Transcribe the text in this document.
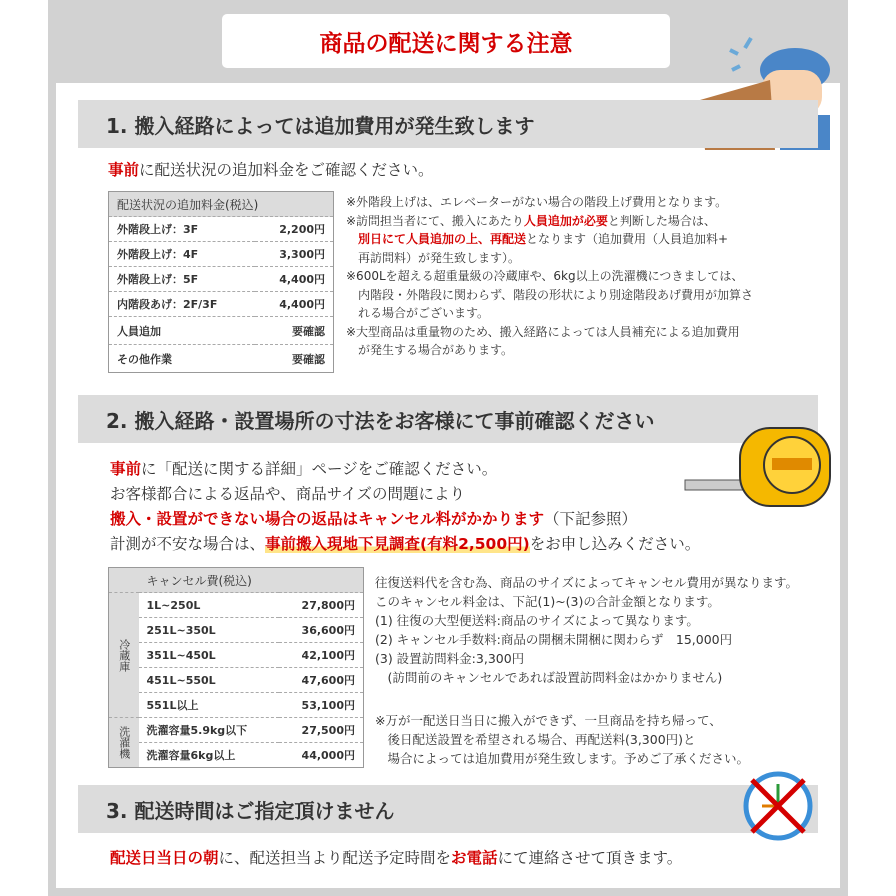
商品の配送に関する注意
1. 搬入経路によっては追加費用が発生致します
事前に配送状況の追加料金をご確認ください。
配送状況の追加料金(税込)	
外階段上げ：3F	2,200円
外階段上げ：4F	3,300円
外階段上げ：5F	4,400円
内階段あげ：2F/3F	4,400円
人員追加	要確認
その他作業	要確認
※外階段上げは、エレベーターがない場合の階段上げ費用となります。
※訪問担当者にて、搬入にあたり人員追加が必要と判断した場合は、
別日にて人員追加の上、再配送となります（追加費用（人員追加料+
再訪問料）が発生致します）。
※600Lを超える超重量級の冷蔵庫や、6kg以上の洗濯機につきましては、
内階段・外階段に関わらず、階段の形状により別途階段あげ費用が加算さ
れる場合がございます。
※大型商品は重量物のため、搬入経路によっては人員補充による追加費用
が発生する場合があります。
2. 搬入経路・設置場所の寸法をお客様にて事前確認ください
事前に「配送に関する詳細」ページをご確認ください。
お客様都合による返品や、商品サイズの問題により
搬入・設置ができない場合の返品はキャンセル料がかかります（下記参照）
計測が不安な場合は、事前搬入現地下見調査(有料2,500円)をお申し込みください。
	キャンセル費(税込)	
冷蔵庫	1L~250L	27,800円
	251L~350L	36,600円
	351L~450L	42,100円
	451L~550L	47,600円
	551L以上	53,100円
洗濯機	洗濯容量5.9kg以下	27,500円
	洗濯容量6kg以上	44,000円
往復送料代を含む為、商品のサイズによってキャンセル費用が異なります。
このキャンセル料金は、下記(1)~(3)の合計金額となります。
(1) 往復の大型便送料:商品のサイズによって異なります。
(2) キャンセル手数料:商品の開梱未開梱に関わらず　15,000円
(3) 設置訪問料金:3,300円
　(訪問前のキャンセルであれば設置訪問料金はかかりません)
※万が一配送日当日に搬入ができず、一旦商品を持ち帰って、
　後日配送設置を希望される場合、再配送料(3,300円)と
　場合によっては追加費用が発生致します。予めご了承ください。
3. 配送時間はご指定頂けません
配送日当日の朝に、配送担当より配送予定時間をお電話にて連絡させて頂きます。
